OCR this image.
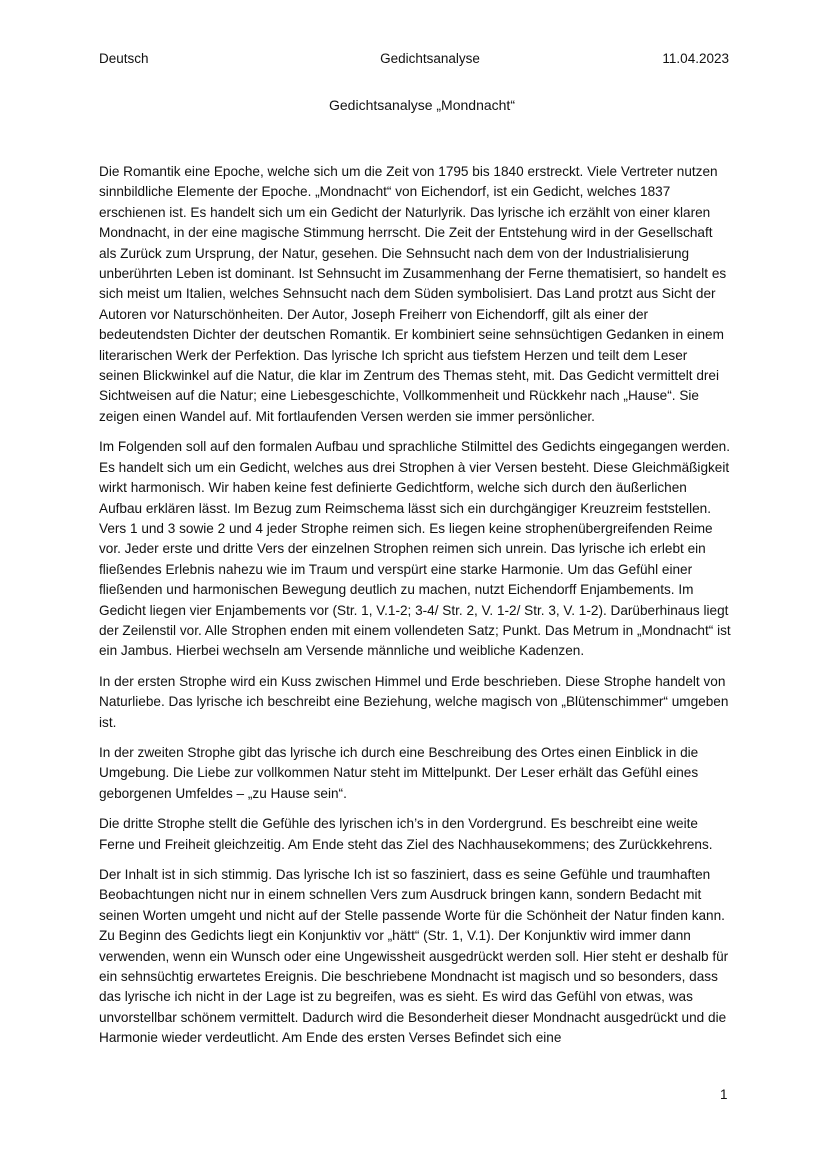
Deutsch	Gedichtsanalyse	11.04.2023
Gedichtsanalyse „Mondnacht“

Die Romantik eine Epoche, welche sich um die Zeit von 1795 bis 1840 erstreckt. Viele Vertreter nutzen sinnbildliche Elemente der Epoche. „Mondnacht“ von Eichendorf, ist ein Gedicht, welches 1837 erschienen ist. Es handelt sich um ein Gedicht der Naturlyrik. Das lyrische ich erzählt von einer klaren Mondnacht, in der eine magische Stimmung herrscht. Die Zeit der Entstehung wird in der Gesellschaft als Zurück zum Ursprung, der Natur, gesehen. Die Sehnsucht nach dem von der Industrialisierung unberührten Leben ist dominant. Ist Sehnsucht im Zusammenhang der Ferne thematisiert, so handelt es sich meist um Italien, welches Sehnsucht nach dem Süden symbolisiert. Das Land protzt aus Sicht der Autoren vor Naturschönheiten. Der Autor, Joseph Freiherr von Eichendorff, gilt als einer der bedeutendsten Dichter der deutschen Romantik. Er kombiniert seine sehnsüchtigen Gedanken in einem literarischen Werk der Perfektion. Das lyrische Ich spricht aus tiefstem Herzen und teilt dem Leser seinen Blickwinkel auf die Natur, die klar im Zentrum des Themas steht, mit. Das Gedicht vermittelt drei Sichtweisen auf die Natur; eine Liebesgeschichte, Vollkommenheit und Rückkehr nach „Hause“. Sie zeigen einen Wandel auf. Mit fortlaufenden Versen werden sie immer persönlicher.

Im Folgenden soll auf den formalen Aufbau und sprachliche Stilmittel des Gedichts eingegangen werden. Es handelt sich um ein Gedicht, welches aus drei Strophen à vier Versen besteht. Diese Gleichmäßigkeit wirkt harmonisch. Wir haben keine fest definierte Gedichtform, welche sich durch den äußerlichen Aufbau erklären lässt. Im Bezug zum Reimschema lässt sich ein durchgängiger Kreuzreim feststellen. Vers 1 und 3 sowie 2 und 4 jeder Strophe reimen sich. Es liegen keine strophenübergreifenden Reime vor. Jeder erste und dritte Vers der einzelnen Strophen reimen sich unrein. Das lyrische ich erlebt ein fließendes Erlebnis nahezu wie im Traum und verspürt eine starke Harmonie. Um das Gefühl einer fließenden und harmonischen Bewegung deutlich zu machen, nutzt Eichendorff Enjambements. Im Gedicht liegen vier Enjambements vor (Str. 1, V.1-2; 3-4/ Str. 2, V. 1-2/ Str. 3, V. 1-2). Darüberhinaus liegt der Zeilenstil vor. Alle Strophen enden mit einem vollendeten Satz; Punkt. Das Metrum in „Mondnacht“ ist ein Jambus. Hierbei wechseln am Versende männliche und weibliche Kadenzen.

In der ersten Strophe wird ein Kuss zwischen Himmel und Erde beschrieben. Diese Strophe handelt von Naturliebe. Das lyrische ich beschreibt eine Beziehung, welche magisch von „Blütenschimmer“ umgeben ist.

In der zweiten Strophe gibt das lyrische ich durch eine Beschreibung des Ortes einen Einblick in die Umgebung. Die Liebe zur vollkommen Natur steht im Mittelpunkt. Der Leser erhält das Gefühl eines geborgenen Umfeldes – „zu Hause sein“.

Die dritte Strophe stellt die Gefühle des lyrischen ich’s in den Vordergrund. Es beschreibt eine weite Ferne und Freiheit gleichzeitig. Am Ende steht das Ziel des Nachhausekommens; des Zurückkehrens.

Der Inhalt ist in sich stimmig. Das lyrische Ich ist so fasziniert, dass es seine Gefühle und traumhaften Beobachtungen nicht nur in einem schnellen Vers zum Ausdruck bringen kann, sondern Bedacht mit seinen Worten umgeht und nicht auf der Stelle passende Worte für die Schönheit der Natur finden kann. Zu Beginn des Gedichts liegt ein Konjunktiv vor „hätt“ (Str. 1, V.1). Der Konjunktiv wird immer dann verwenden, wenn ein Wunsch oder eine Ungewissheit ausgedrückt werden soll. Hier steht er deshalb für ein sehnsüchtig erwartetes Ereignis. Die beschriebene Mondnacht ist magisch und so besonders, dass das lyrische ich nicht in der Lage ist zu begreifen, was es sieht. Es wird das Gefühl von etwas, was unvorstellbar schönem vermittelt. Dadurch wird die Besonderheit dieser Mondnacht ausgedrückt und die Harmonie wieder verdeutlicht. Am Ende des ersten Verses Befindet sich eine

1
